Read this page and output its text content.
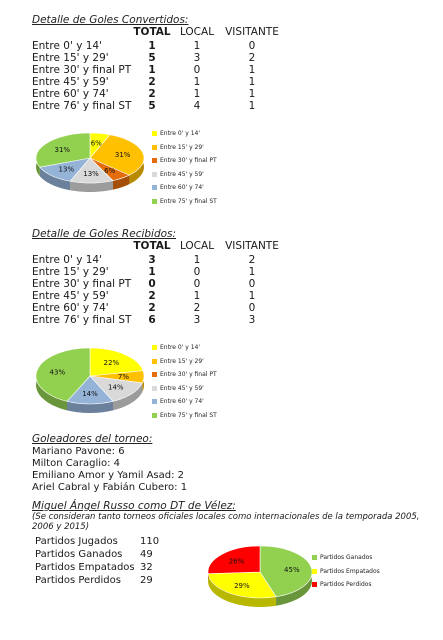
Detalle de Goles Convertidos:
TOTAL LOCAL	VISITANTE
Entre 0' y 14'	1	1	0
Entre 15' y 29'	5	3	2
Entre 30' y final PT	1	0	1
Entre 45' y 59'	2	1	1
Entre 60' y 74'	2	1	1
Entre 76' y final ST	5	4	1
6%
31%
6%
13%
13%
31%
Entre 0' y 14'
Entre 15' y 29'
Entre 30' y final PT
Entre 45' y 59'
Entre 60' y 74'
Entre 75' y final ST
Detalle de Goles Recibidos:
TOTAL LOCAL	VISITANTE
Entre 0' y 14'	3	1	2
Entre 15' y 29'	1	0	1
Entre 30' y final PT	0	0	0
Entre 45' y 59'	2	1	1
Entre 60' y 74'	2	2	0
Entre 76' y final ST	6	3	3
22%
7%
14%
14%
43%
Entre 0' y 14'
Entre 15' y 29'
Entre 30' y final PT
Entre 45' y 59'
Entre 60' y 74'
Entre 75' y final ST
Goleadores del torneo:
Mariano Pavone: 6
Milton Caraglio: 4
Emiliano Amor y Yamil Asad: 2
Ariel Cabral y Fabián Cubero: 1
Miguel Ángel Russo como DT de Vélez:
(Se consideran tanto torneos oficiales locales como internacionales de la temporada 2005, 2006 y 2015)
Partidos Jugados 110
Partidos Ganados 49
Partidos Empatados 32
Partidos Perdidos 29
45%
29%
26%	Partidos Ganados
Partidos Empatados
Partidos Perdidos
